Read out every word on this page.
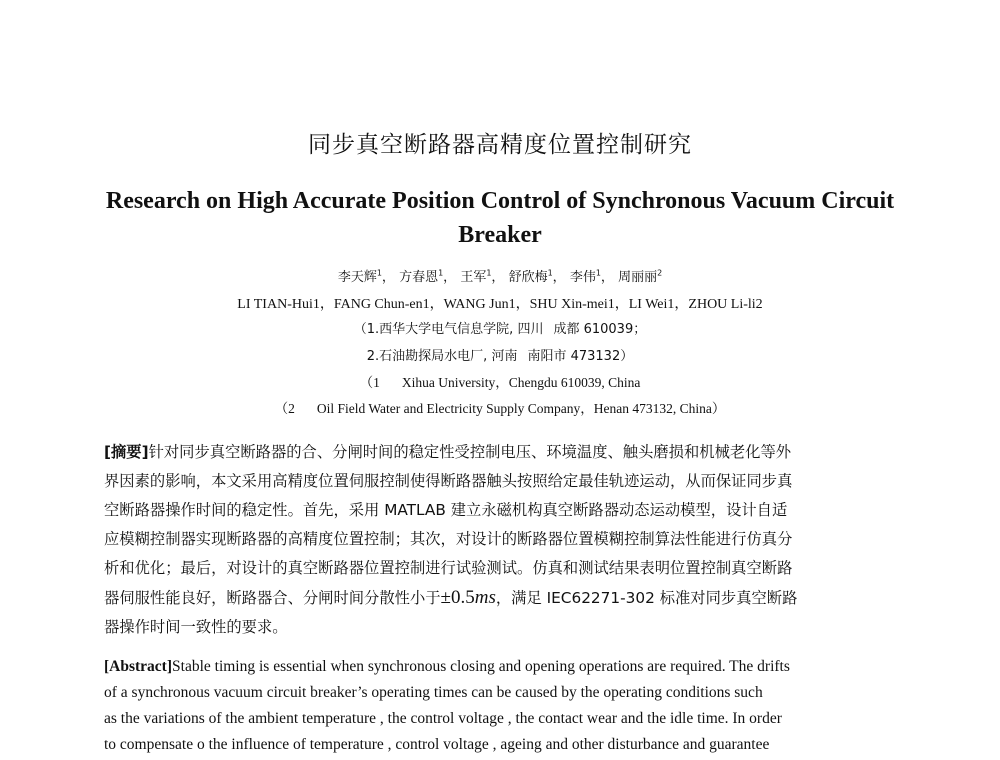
同步真空断路器高精度位置控制研究
Research on High Accurate Position Control of Synchronous Vacuum Circuit
Breaker
李天辉$^1$， 方春恩$^1$， 王军$^1$， 舒欣梅$^1$， 李伟$^1$， 周丽丽$^2$
LI TIAN-Hui1，FANG Chun-en1，WANG Jun1，SHU Xin-mei1，LI Wei1，ZHOU Li-li2
（1.西华大学电气信息学院, 四川 成都 610039；
2.石油勘探局水电厂, 河南 南阳市 473132）
（1 Xihua University，Chengdu 610039, China
（2 Oil Field Water and Electricity Supply Company，Henan 473132, China）
[摘要]针对同步真空断路器的合、分闸时间的稳定性受控制电压、环境温度、触头磨损和机械老化等外
界因素的影响，本文采用高精度位置伺服控制使得断路器触头按照给定最佳轨迹运动，从而保证同步真
空断路器操作时间的稳定性。首先，采用 MATLAB 建立永磁机构真空断路器动态运动模型，设计自适
应模糊控制器实现断路器的高精度位置控制；其次，对设计的断路器位置模糊控制算法性能进行仿真分
析和优化；最后，对设计的真空断路器位置控制进行试验测试。仿真和测试结果表明位置控制真空断路
器伺服性能良好，断路器合、分闸时间分散性小于±0.5ms，满足 IEC62271-302 标准对同步真空断路
器操作时间一致性的要求。
[Abstract]Stable timing is essential when synchronous closing and opening operations are required. The drifts
of a synchronous vacuum circuit breaker’s operating times can be caused by the operating conditions such
as the variations of the ambient temperature , the control voltage , the contact wear and the idle time. In order
to compensate o the influence of temperature , control voltage , ageing and other disturbance and guarantee
